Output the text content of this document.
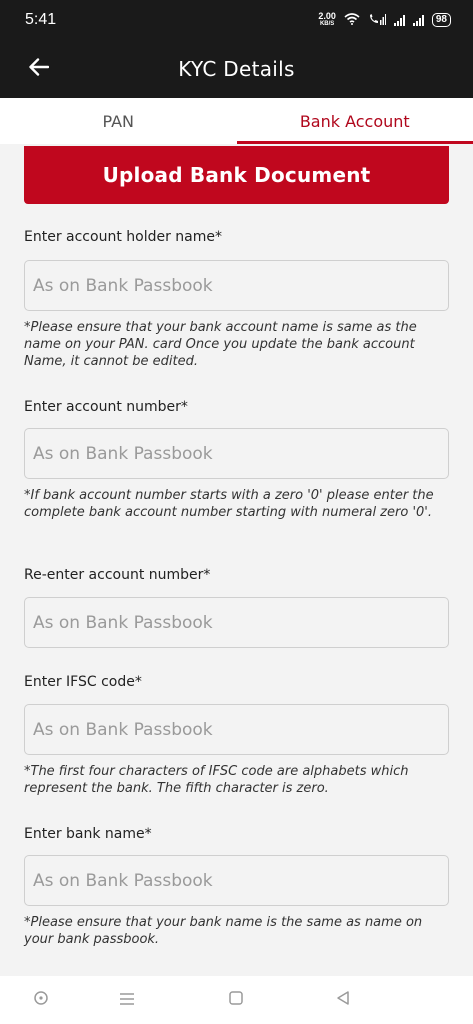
5:41	2.00
KB/S	98
KYC Details
PAN	Bank Account
Upload Bank Document
Enter account holder name*
As on Bank Passbook

*Please ensure that your bank account name is same as the name on your PAN. card Once you update the bank account Name, it cannot be edited.

Enter account number*
As on Bank Passbook

*If bank account number starts with a zero '0' please enter the complete bank account number starting with numeral zero '0'.

Re-enter account number*
As on Bank Passbook
Enter IFSC code*
As on Bank Passbook

*The first four characters of IFSC code are alphabets which represent the bank. The fifth character is zero.

Enter bank name*
As on Bank Passbook

*Please ensure that your bank name is the same as name on your bank passbook.
